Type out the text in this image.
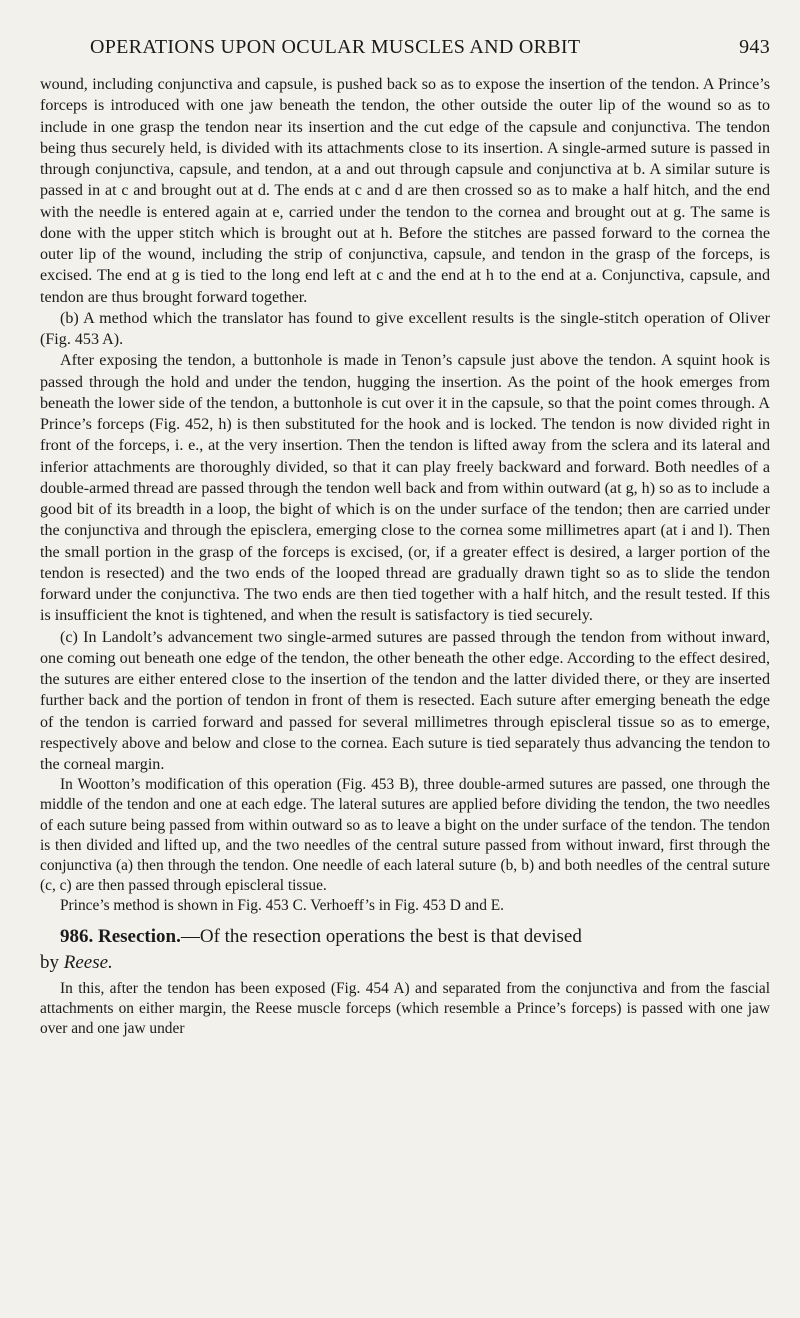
OPERATIONS UPON OCULAR MUSCLES AND ORBIT	943

wound, including conjunctiva and capsule, is pushed back so as to expose the insertion of the tendon. A Prince’s forceps is introduced with one jaw beneath the tendon, the other outside the outer lip of the wound so as to include in one grasp the tendon near its insertion and the cut edge of the capsule and conjunctiva. The tendon being thus securely held, is divided with its attachments close to its insertion. A single-armed suture is passed in through conjunctiva, capsule, and tendon, at a and out through capsule and conjunctiva at b. A similar suture is passed in at c and brought out at d. The ends at c and d are then crossed so as to make a half hitch, and the end with the needle is entered again at e, carried under the tendon to the cornea and brought out at g. The same is done with the upper stitch which is brought out at h. Before the stitches are passed forward to the cornea the outer lip of the wound, including the strip of conjunctiva, capsule, and tendon in the grasp of the forceps, is excised. The end at g is tied to the long end left at c and the end at h to the end at a. Conjunctiva, capsule, and tendon are thus brought forward together.

(b) A method which the translator has found to give excellent results is the single-stitch operation of Oliver (Fig. 453 A).

After exposing the tendon, a buttonhole is made in Tenon’s capsule just above the tendon. A squint hook is passed through the hold and under the tendon, hugging the insertion. As the point of the hook emerges from beneath the lower side of the tendon, a buttonhole is cut over it in the capsule, so that the point comes through. A Prince’s forceps (Fig. 452, h) is then substituted for the hook and is locked. The tendon is now divided right in front of the forceps, i. e., at the very insertion. Then the tendon is lifted away from the sclera and its lateral and inferior attachments are thoroughly divided, so that it can play freely backward and forward. Both needles of a double-armed thread are passed through the tendon well back and from within outward (at g, h) so as to include a good bit of its breadth in a loop, the bight of which is on the under surface of the tendon; then are carried under the conjunctiva and through the episclera, emerging close to the cornea some millimetres apart (at i and l). Then the small portion in the grasp of the forceps is excised, (or, if a greater effect is desired, a larger portion of the tendon is resected) and the two ends of the looped thread are gradually drawn tight so as to slide the tendon forward under the conjunctiva. The two ends are then tied together with a half hitch, and the result tested. If this is insufficient the knot is tightened, and when the result is satisfactory is tied securely.

(c) In Landolt’s advancement two single-armed sutures are passed through the tendon from without inward, one coming out beneath one edge of the tendon, the other beneath the other edge. According to the effect desired, the sutures are either entered close to the insertion of the tendon and the latter divided there, or they are inserted further back and the portion of tendon in front of them is resected. Each suture after emerging beneath the edge of the tendon is carried forward and passed for several millimetres through episcleral tissue so as to emerge, respectively above and below and close to the cornea. Each suture is tied separately thus advancing the tendon to the corneal margin.

In Wootton’s modification of this operation (Fig. 453 B), three double-armed sutures are passed, one through the middle of the tendon and one at each edge. The lateral sutures are applied before dividing the tendon, the two needles of each suture being passed from within outward so as to leave a bight on the under surface of the tendon. The tendon is then divided and lifted up, and the two needles of the central suture passed from without inward, first through the conjunctiva (a) then through the tendon. One needle of each lateral suture (b, b) and both needles of the central suture (c, c) are then passed through episcleral tissue.

Prince’s method is shown in Fig. 453 C. Verhoeff’s in Fig. 453 D and E.

986. Resection.—Of the resection operations the best is that devised
by Reese.

In this, after the tendon has been exposed (Fig. 454 A) and separated from the conjunctiva and from the fascial attachments on either margin, the Reese muscle forceps (which resemble a Prince’s forceps) is passed with one jaw over and one jaw under
